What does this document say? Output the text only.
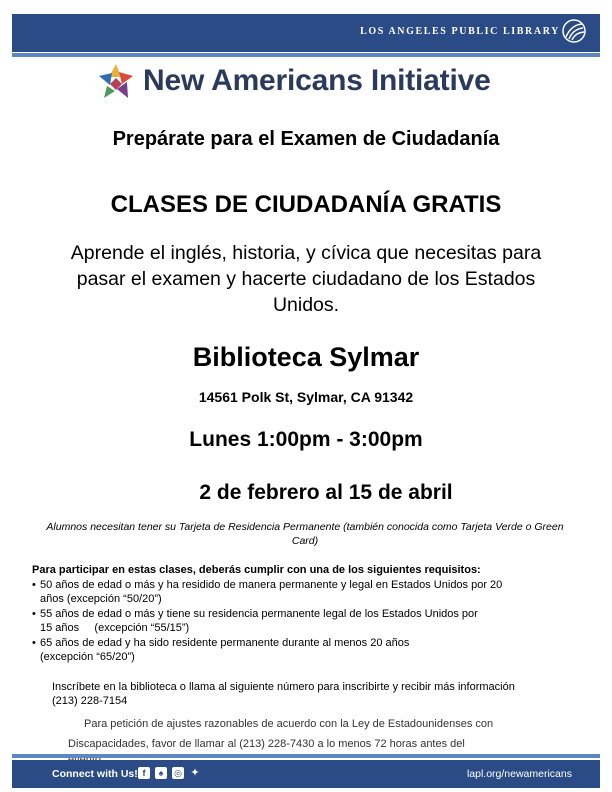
LOS ANGELES PUBLIC LIBRARY
New Americans Initiative
Prepárate para el Examen de Ciudadanía
CLASES DE CIUDADANÍA GRATIS
Aprende el inglés, historia, y cívica que necesitas para pasar el examen y hacerte ciudadano de los Estados Unidos.
Biblioteca Sylmar
14561 Polk St, Sylmar, CA 91342
Lunes 1:00pm - 3:00pm
2 de febrero al 15 de abril
Alumnos necesitan tener su Tarjeta de Residencia Permanente (también conocida como Tarjeta Verde o Green Card)
Para participar en estas clases, deberás cumplir con una de los siguientes requisitos:
• 50 años de edad o más y ha residido de manera permanente y legal en Estados Unidos por 20
años (excepción “50/20”)
• 55 años de edad o más y tiene su residencia permanente legal de los Estados Unidos por
15 años     (excepción “55/15”)
• 65 años de edad y ha sido residente permanente durante al menos 20 años
(excepción “65/20”)
Inscríbete en la biblioteca o llama al siguiente número para inscribirte y recibir más información (213) 228-7154
Para petición de ajustes razonables de acuerdo con la Ley de Estadounidenses con
Discapacidades, favor de llamar al (213) 228-7430 a lo menos 72 horas antes del
Connect with Us! f	♠	◎ ✦	lapl.org/newamericans
